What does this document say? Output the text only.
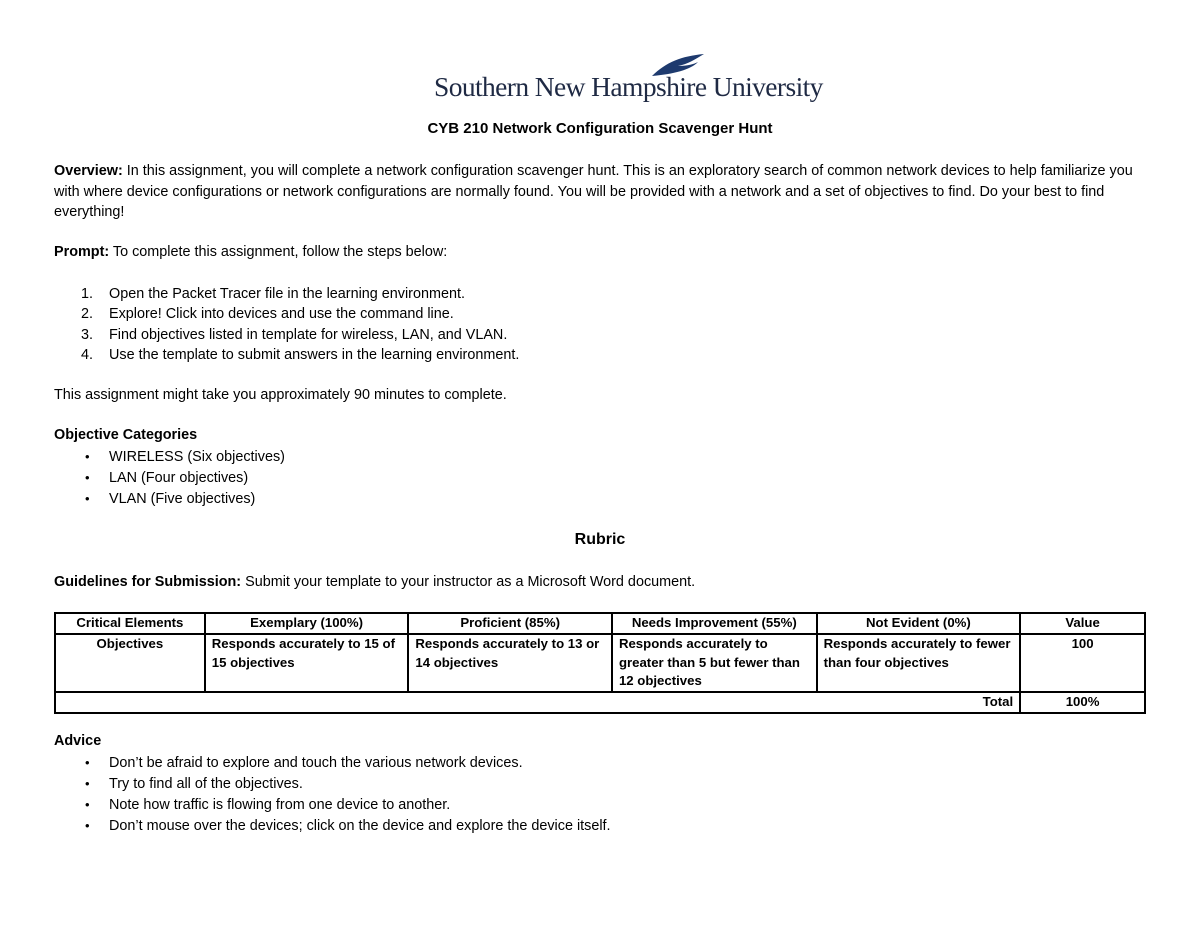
Southern New Hampshire University
CYB 210 Network Configuration Scavenger Hunt
Overview: In this assignment, you will complete a network configuration scavenger hunt. This is an exploratory search of common network devices to help familiarize you with where device configurations or network configurations are normally found. You will be provided with a network and a set of objectives to find. Do your best to find everything!
Prompt: To complete this assignment, follow the steps below:
1. Open the Packet Tracer file in the learning environment.
2. Explore! Click into devices and use the command line.
3. Find objectives listed in template for wireless, LAN, and VLAN.
4. Use the template to submit answers in the learning environment.
This assignment might take you approximately 90 minutes to complete.
Objective Categories
• WIRELESS (Six objectives)
• LAN (Four objectives)
• VLAN (Five objectives)
Rubric
Guidelines for Submission: Submit your template to your instructor as a Microsoft Word document.
Critical Elements	Exemplary (100%)	Proficient (85%)	Needs Improvement (55%)	Not Evident (0%)	Value
Objectives	Responds accurately to 15 of 15 objectives	Responds accurately to 13 or 14 objectives	Responds accurately to greater than 5 but fewer than 12 objectives	Responds accurately to fewer than four objectives	100
Total					100%
Advice
• Don’t be afraid to explore and touch the various network devices.
• Try to find all of the objectives.
• Note how traffic is flowing from one device to another.
• Don’t mouse over the devices; click on the device and explore the device itself.
